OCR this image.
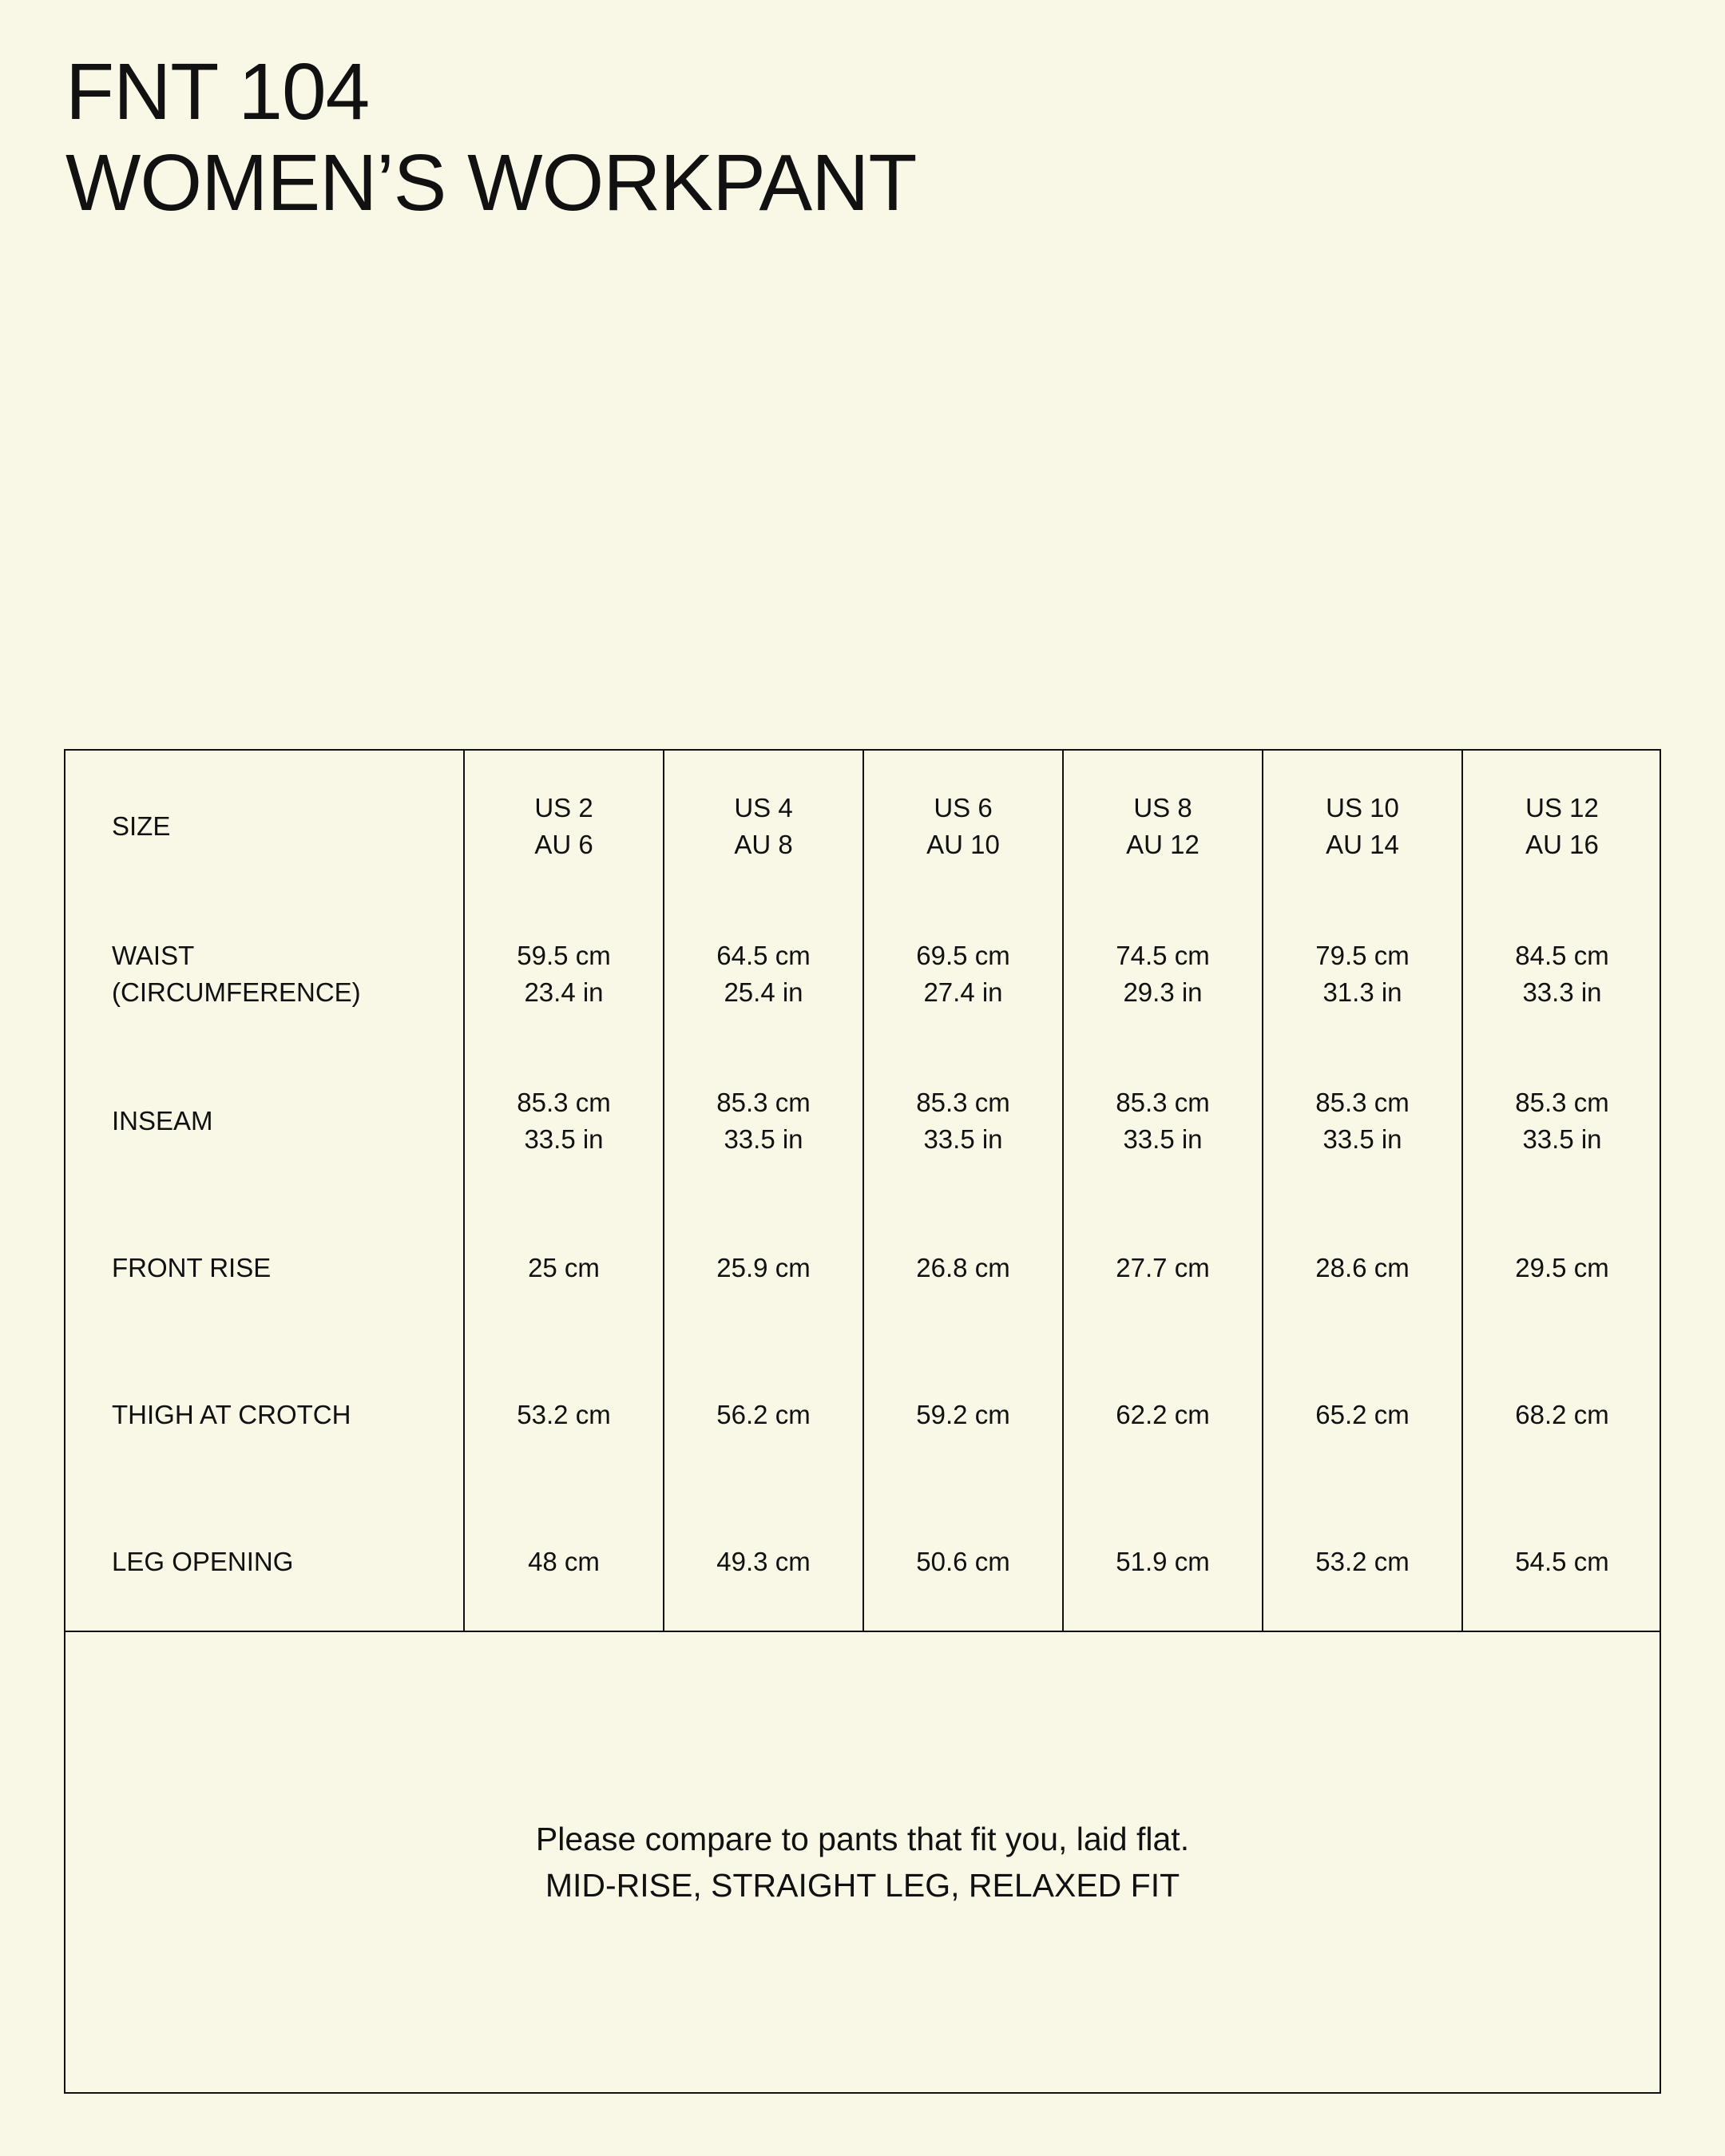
FNT 104
WOMEN’S WORKPANT
SIZE
WAIST
(CIRCUMFERENCE)
INSEAM
FRONT RISE
THIGH AT CROTCH
LEG OPENING
US 2
AU 6
59.5 cm
23.4 in
85.3 cm
33.5 in
25 cm
53.2 cm
48 cm
US 4
AU 8
64.5 cm
25.4 in
85.3 cm
33.5 in
25.9 cm
56.2 cm
49.3 cm
US 6
AU 10
69.5 cm
27.4 in
85.3 cm
33.5 in
26.8 cm
59.2 cm
50.6 cm
US 8
AU 12
74.5 cm
29.3 in
85.3 cm
33.5 in
27.7 cm
62.2 cm
51.9 cm
US 10
AU 14
79.5 cm
31.3 in
85.3 cm
33.5 in
28.6 cm
65.2 cm
53.2 cm
US 12
AU 16
84.5 cm
33.3 in
85.3 cm
33.5 in
29.5 cm
68.2 cm
54.5 cm
Please compare to pants that fit you, laid flat.
MID-RISE, STRAIGHT LEG, RELAXED FIT
